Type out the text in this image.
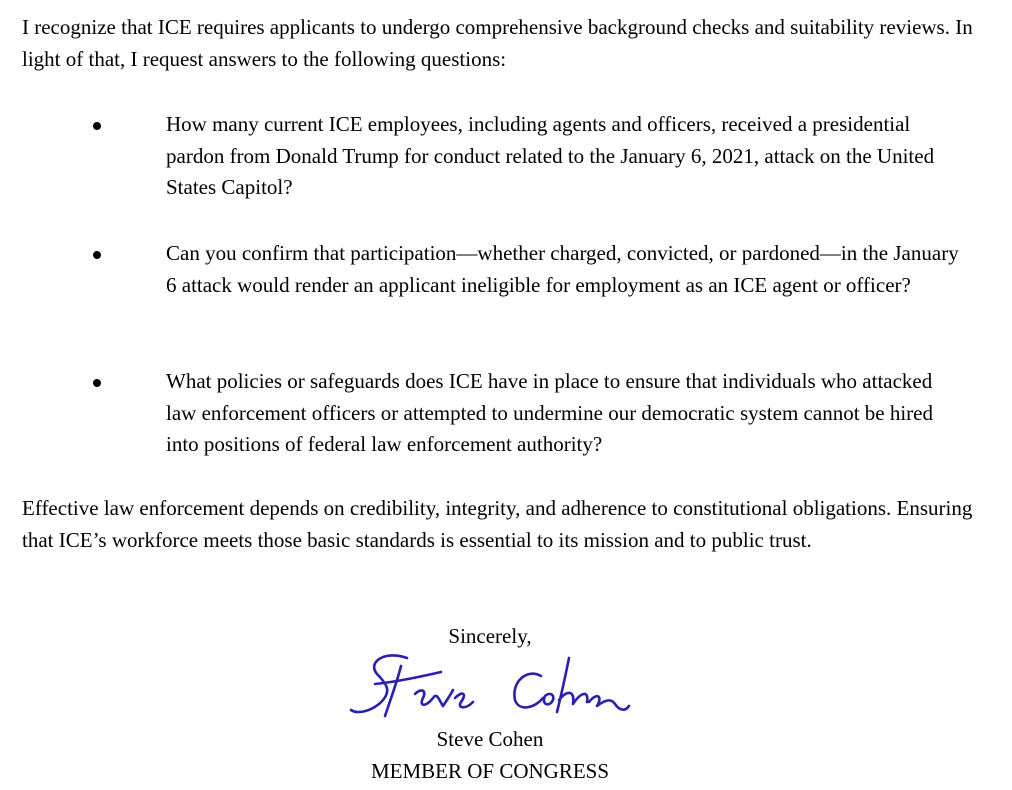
I recognize that ICE requires applicants to undergo comprehensive background checks and suitability reviews. In light of that, I request answers to the following questions:

How many current ICE employees, including agents and officers, received a presidential pardon from Donald Trump for conduct related to the January 6, 2021, attack on the United States Capitol?

Can you confirm that participation—whether charged, convicted, or pardoned—in the January 6 attack would render an applicant ineligible for employment as an ICE agent or officer?

What policies or safeguards does ICE have in place to ensure that individuals who attacked law enforcement officers or attempted to undermine our democratic system cannot be hired into positions of federal law enforcement authority?

Effective law enforcement depends on credibility, integrity, and adherence to constitutional obligations. Ensuring that ICE’s workforce meets those basic standards is essential to its mission and to public trust.

Sincerely,

Steve Cohen

MEMBER OF CONGRESS
